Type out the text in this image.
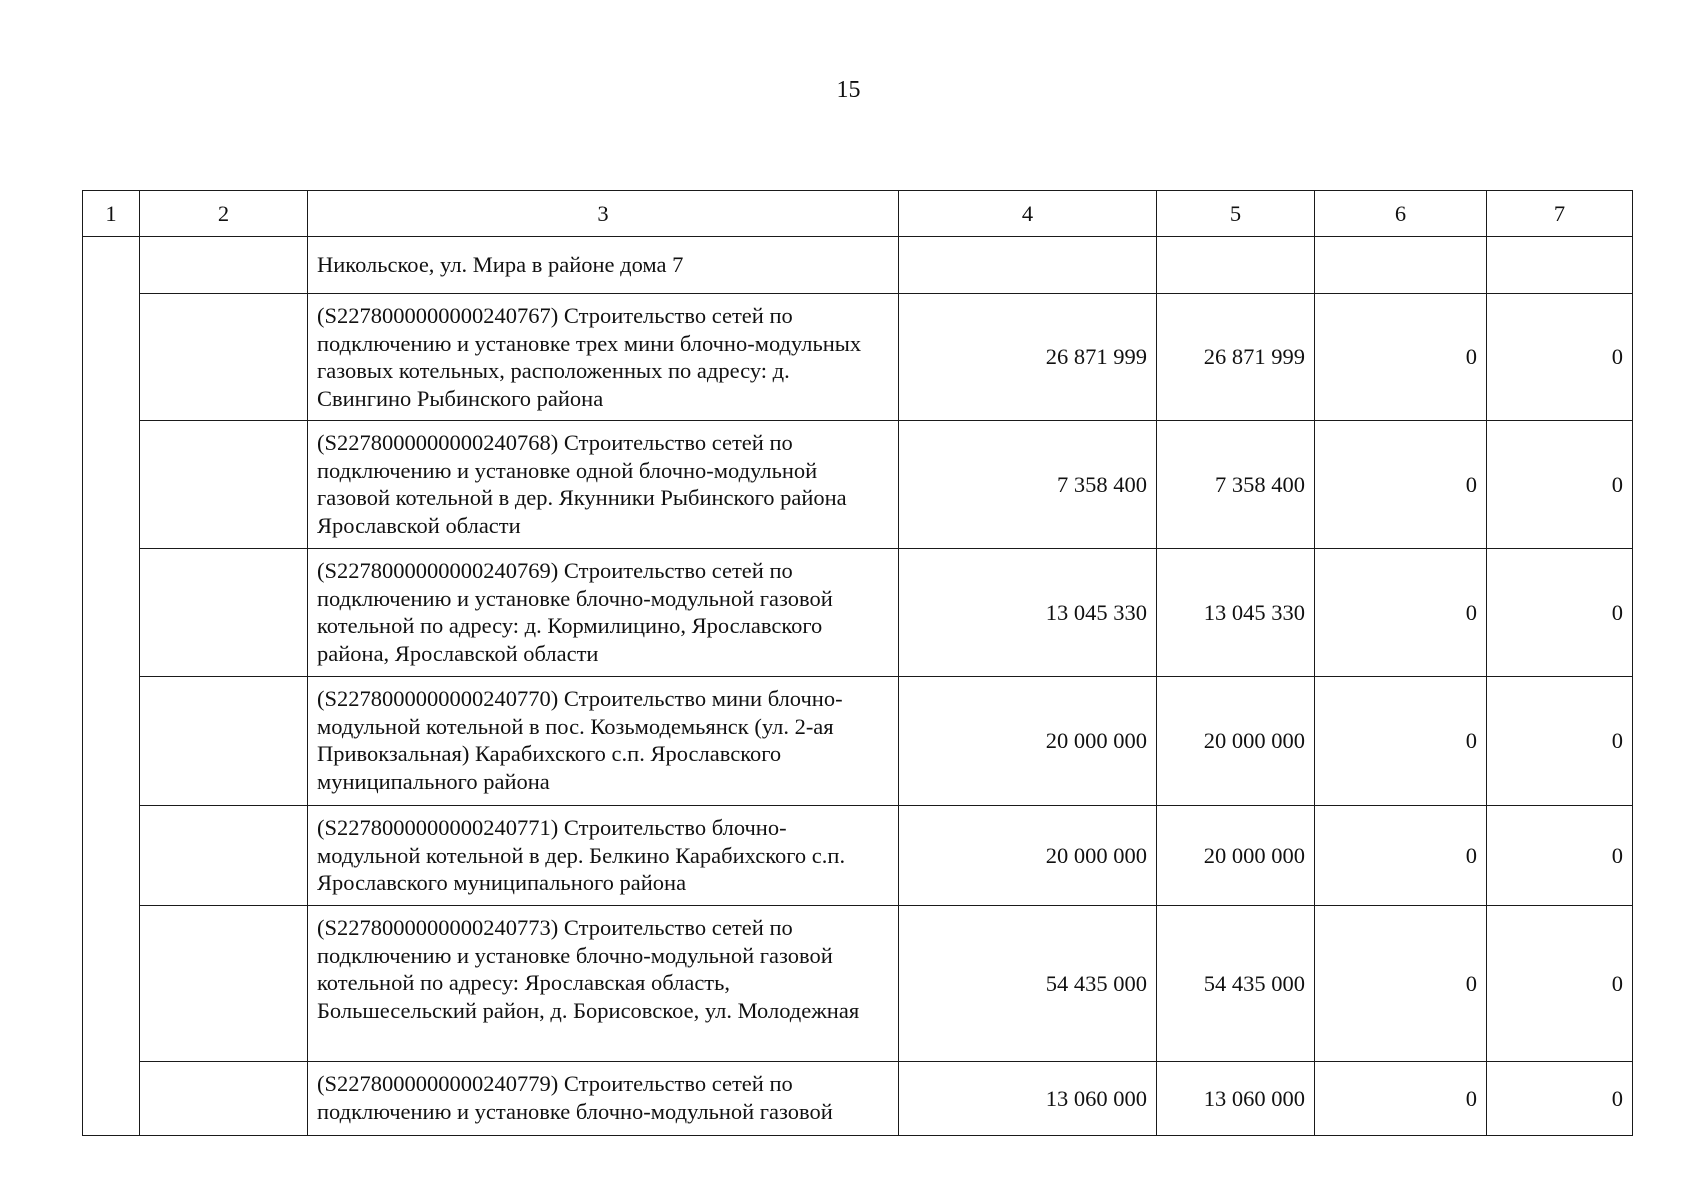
15
1	2	3	4	5	6	7
		Никольское, ул. Мира в районе дома 7				
		(S227800000000024076​7) Строительство сетей по подключению и установке трех мини блочно-модульных газовых котельных, расположенных по адресу: д. Свингино Рыбинского района	26 871 999	26 871 999	0	0
		(S2278000000000240768) Строительство сетей по подключению и установке одной блочно-модульной газовой котельной в дер. Якунники Рыбинского района Ярославской области	7 358 400	7 358 400	0	0
		(S2278000000000240769) Строительство сетей по подключению и установке блочно-модульной газовой котельной по адресу: д. Кормилицино, Ярославского района, Ярославской области	13 045 330	13 045 330	0	0
		(S2278000000000240770) Строительство мини блочно-модульной котельной в пос. Козьмодемьянск (ул. 2-ая Привокзальная) Карабихского с.п. Ярославского муниципального района	20 000 000	20 000 000	0	0
		(S2278000000000240771) Строительство блочно-модульной котельной в дер. Белкино Карабихского с.п. Ярославского муниципального района	20 000 000	20 000 000	0	0
		(S2278000000000240773) Строительство сетей по подключению и установке блочно-модульной газовой котельной по адресу: Ярославская область, Большесельский район, д. Борисовское, ул. Молодежная	54 435 000	54 435 000	0	0
		(S2278000000000240779) Строительство сетей по подключению и установке блочно-модульной газовой	13 060 000	13 060 000	0	0
